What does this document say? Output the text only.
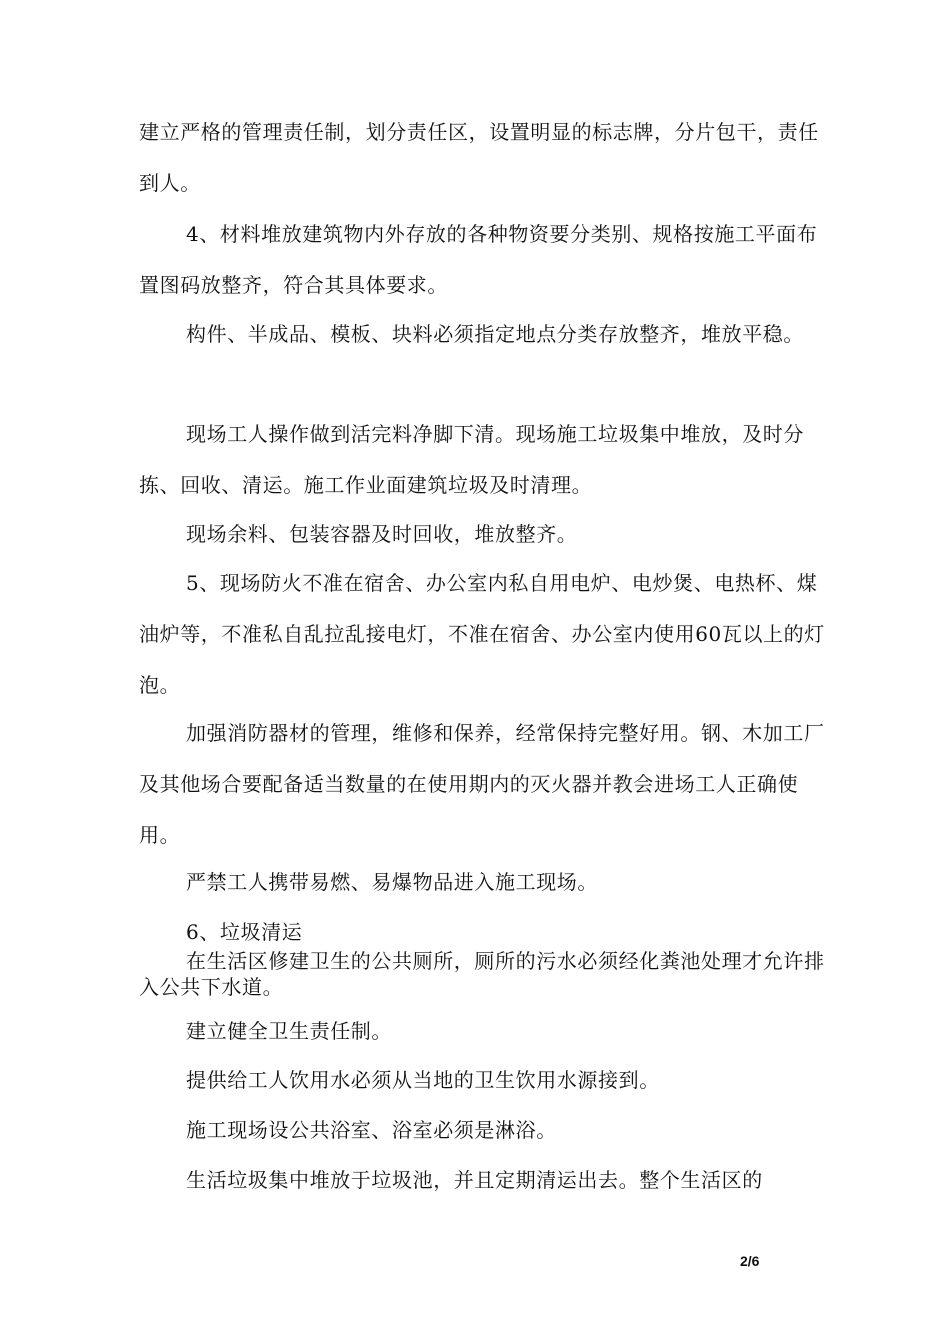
建立严格的管理责任制，划分责任区，设置明显的标志牌，分片包干，责任到人。

4、材料堆放建筑物内外存放的各种物资要分类别、规格按施工平面布置图码放整齐，符合其具体要求。

构件、半成品、模板、块料必须指定地点分类存放整齐，堆放平稳。

现场工人操作做到活完料净脚下清。现场施工垃圾集中堆放，及时分拣、回收、清运。施工作业面建筑垃圾及时清理。

现场余料、包装容器及时回收，堆放整齐。

5、现场防火不准在宿舍、办公室内私自用电炉、电炒煲、电热杯、煤油炉等，不准私自乱拉乱接电灯，不准在宿舍、办公室内使用60瓦以上的灯泡。

加强消防器材的管理，维修和保养，经常保持完整好用。钢、木加工厂及其他场合要配备适当数量的在使用期内的灭火器并教会进场工人正确使用。

严禁工人携带易燃、易爆物品进入施工现场。

6、垃圾清运

在生活区修建卫生的公共厕所，厕所的污水必须经化粪池处理才允许排入公共下水道。

建立健全卫生责任制。

提供给工人饮用水必须从当地的卫生饮用水源接到。

施工现场设公共浴室、浴室必须是淋浴。

生活垃圾集中堆放于垃圾池，并且定期清运出去。整个生活区的

2/6
